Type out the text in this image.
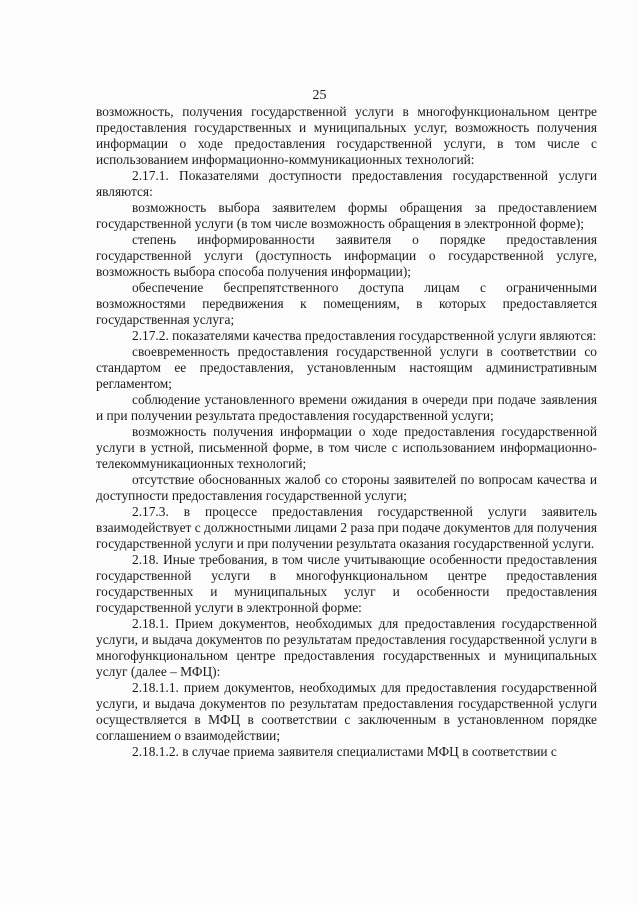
25

возможность, получения государственной услуги в многофункциональном центре предоставления государственных и муниципальных услуг, возможность получения информации о ходе предоставления государственной услуги, в том числе с использованием информационно-коммуникационных технологий:

2.17.1. Показателями доступности предоставления государственной услуги являются:

возможность выбора заявителем формы обращения за предоставлением государственной услуги (в том числе возможность обращения в электронной форме);

степень информированности заявителя о порядке предоставления государственной услуги (доступность информации о государственной услуге, возможность выбора способа получения информации);

обеспечение беспрепятственного доступа лицам с ограниченными возможностями передвижения к помещениям, в которых предоставляется государственная услуга;

2.17.2. показателями качества предоставления государственной услуги являются:

своевременность предоставления государственной услуги в соответствии со стандартом ее предоставления, установленным настоящим административным регламентом;

соблюдение установленного времени ожидания в очереди при подаче заявления и при получении результата предоставления государственной услуги;

возможность получения информации о ходе предоставления государственной услуги в устной, письменной форме, в том числе с использованием информационно-телекоммуникационных технологий;

отсутствие обоснованных жалоб со стороны заявителей по вопросам качества и доступности предоставления государственной услуги;

2.17.3. в процессе предоставления государственной услуги заявитель взаимодействует с должностными лицами 2 раза при подаче документов для получения государственной услуги и при получении результата оказания государственной услуги.

2.18. Иные требования, в том числе учитывающие особенности предоставления государственной услуги в многофункциональном центре предоставления государственных и муниципальных услуг и особенности предоставления государственной услуги в электронной форме:

2.18.1. Прием документов, необходимых для предоставления государственной услуги, и выдача документов по результатам предоставления государственной услуги в многофункциональном центре предоставления государственных и муниципальных услуг (далее – МФЦ):

2.18.1.1. прием документов, необходимых для предоставления государственной услуги, и выдача документов по результатам предоставления государственной услуги осуществляется в МФЦ в соответствии с заключенным в установленном порядке соглашением о взаимодействии;

2.18.1.2. в случае приема заявителя специалистами МФЦ в соответствии с
